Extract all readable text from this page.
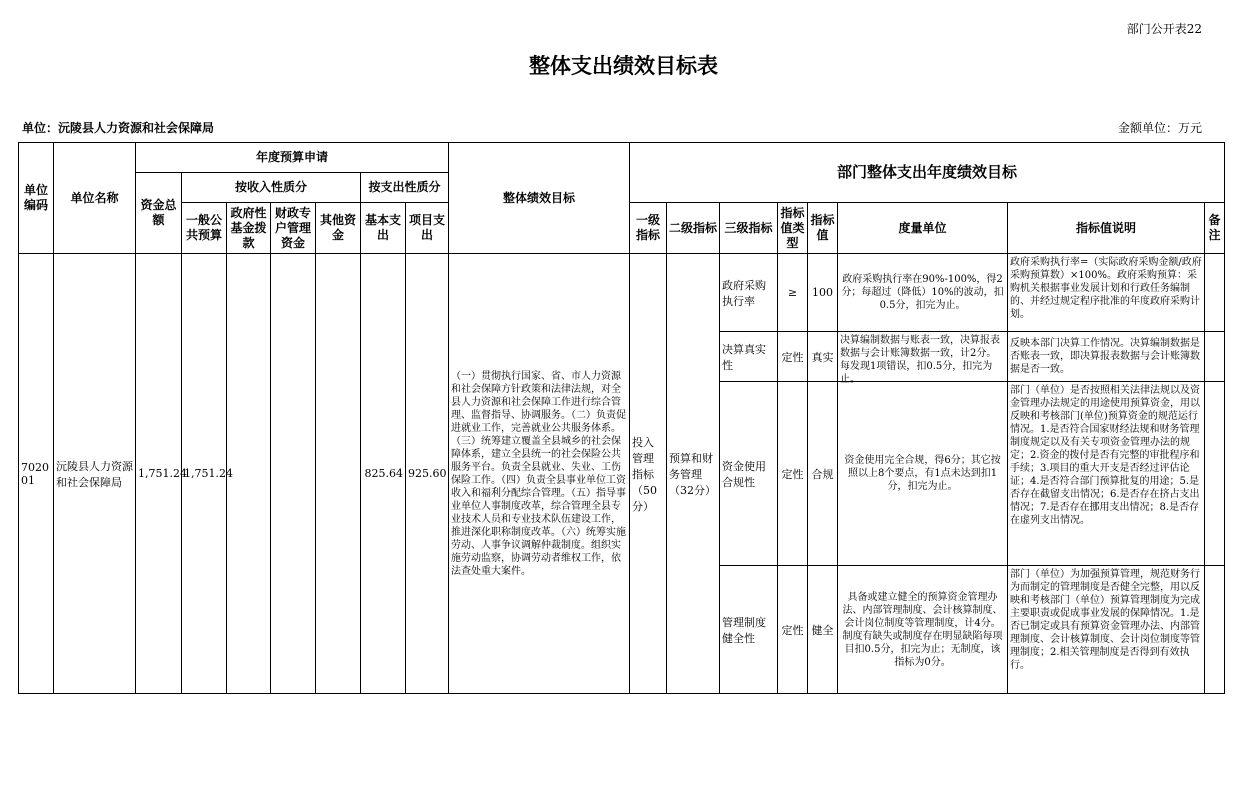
部门公开表22
整体支出绩效目标表
单位：沅陵县人力资源和社会保障局	金额单位：万元
单位编码	单位名称	年度预算申请							整体绩效目标	部门整体支出年度绩效目标							
		资金总额	按收入性质分				按支出性质分										
			一般公共预算	政府性基金拨款	财政专户管理资金	其他资金	基本支出	项目支出		一级指标	二级指标	三级指标	指标值类型	指标值	度量单位	指标值说明	备注
702001	沅陵县人力资源和社会保障局	1,751.24	1,751.24				825.64	925.60	（一）贯彻执行国家、省、市人力资源和社会保障方针政策和法律法规，对全县人力资源和社会保障工作进行综合管理、监督指导、协调服务。（二）负责促进就业工作，完善就业公共服务体系。（三）统筹建立覆盖全县城乡的社会保障体系，建立全县统一的社会保险公共服务平台。负责全县就业、失业、工伤保险工作。（四）负责全县事业单位工资收入和福利分配综合管理。（五）指导事业单位人事制度改革，综合管理全县专业技术人员和专业技术队伍建设工作，推进深化职称制度改革。（六）统筹实施劳动、人事争议调解仲裁制度。组织实施劳动监察，协调劳动者维权工作，依法查处重大案件。	投入管理指标（50分）	预算和财务管理（32分）	政府采购执行率	≥	100	政府采购执行率在90%-100%，得2分；每超过（降低）10%的波动，扣0.5分，扣完为止。	政府采购执行率=（实际政府采购金额/政府采购预算数）×100%。政府采购预算：采购机关根据事业发展计划和行政任务编制的、并经过规定程序批准的年度政府采购计划。	

												决算真实性	定性	真实	决算编制数据与账表一致，决算报表数据与会计账簿数据一致，计2分。每发现1项错误，扣0.5分，扣完为止。	反映本部门决算工作情况。决算编制数据是否账表一致，即决算报表数据与会计账簿数据是否一致。	
												资金使用合规性	定性	合规	资金使用完全合规，得6分；其它按照以上8个要点，有1点未达到扣1分，扣完为止。	部门（单位）是否按照相关法律法规以及资金管理办法规定的用途使用预算资金，用以反映和考核部门(单位)预算资金的规范运行情况。1.是否符合国家财经法规和财务管理制度规定以及有关专项资金管理办法的规定；2.资金的拨付是否有完整的审批程序和手续；3.项目的重大开支是否经过评估论证；4.是否符合部门预算批复的用途；5.是否存在截留支出情况；6.是否存在挤占支出情况；7.是否存在挪用支出情况；8.是否存在虚列支出情况。	

												管理制度健全性	定性	健全	具备或建立健全的预算资金管理办法、内部管理制度、会计核算制度、会计岗位制度等管理制度，计4分。制度有缺失或制度存在明显缺陷每项目扣0.5分，扣完为止；无制度，该指标为0分。	部门（单位）为加强预算管理，规范财务行为而制定的管理制度是否健全完整，用以反映和考核部门（单位）预算管理制度为完成主要职责或促成事业发展的保障情况。1.是否已制定或具有预算资金管理办法、内部管理制度、会计核算制度、会计岗位制度等管理制度；2.相关管理制度是否得到有效执行。	
